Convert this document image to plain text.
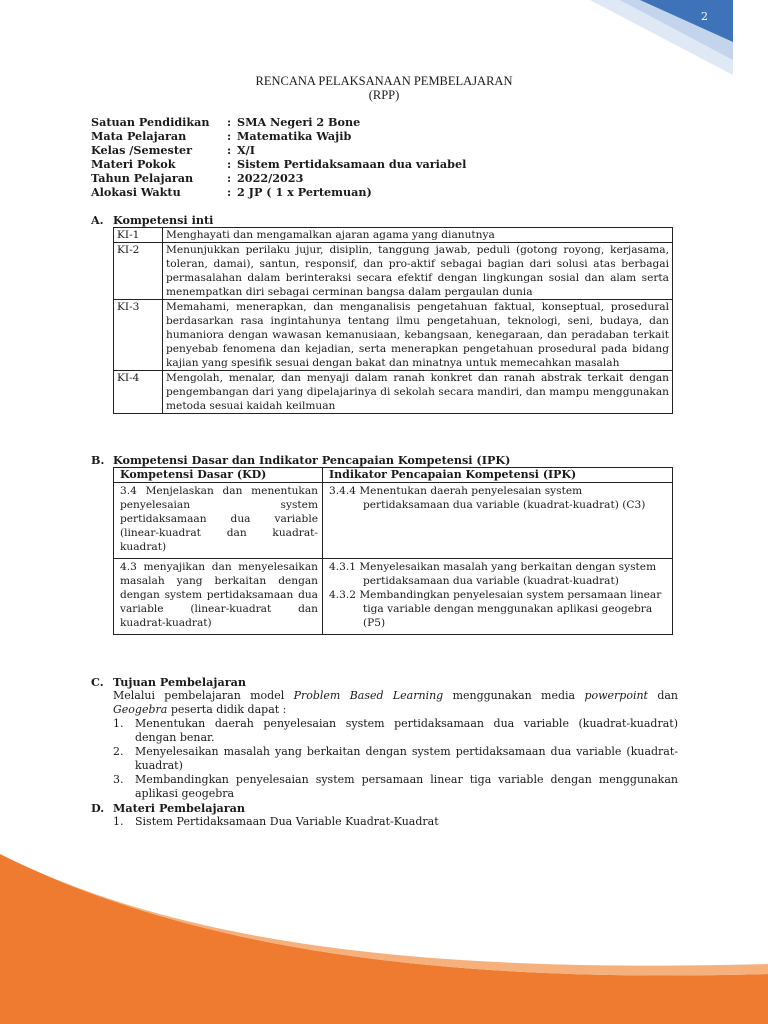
2
RENCANA PELAKSANAAN PEMBELAJARAN
(RPP)
Satuan Pendidikan	: SMA Negeri 2 Bone
Mata Pelajaran	: Matematika Wajib
Kelas /Semester	: X/I
Materi Pokok	: Sistem Pertidaksamaan dua variabel
Tahun Pelajaran	: 2022/2023
Alokasi Waktu	: 2 JP ( 1 x Pertemuan)
A. Kompetensi inti
KI-1	Menghayati dan mengamalkan ajaran agama yang dianutnya
KI-2	Menunjukkan perilaku jujur, disiplin, tanggung jawab, peduli (gotong royong, kerjasama, toleran, damai), santun, responsif, dan pro-aktif sebagai bagian dari solusi atas berbagai permasalahan dalam berinteraksi secara efektif dengan lingkungan sosial dan alam serta menempatkan diri sebagai cerminan bangsa dalam pergaulan dunia
KI-3	Memahami, menerapkan, dan menganalisis pengetahuan faktual, konseptual, prosedural berdasarkan rasa ingintahunya tentang ilmu pengetahuan, teknologi, seni, budaya, dan humaniora dengan wawasan kemanusiaan, kebangsaan, kenegaraan, dan peradaban terkait penyebab fenomena dan kejadian, serta menerapkan pengetahuan prosedural pada bidang kajian yang spesifik sesuai dengan bakat dan minatnya untuk memecahkan masalah
KI-4	Mengolah, menalar, dan menyaji dalam ranah konkret dan ranah abstrak terkait dengan pengembangan dari yang dipelajarinya di sekolah secara mandiri, dan mampu menggunakan metoda sesuai kaidah keilmuan
B. Kompetensi Dasar dan Indikator Pencapaian Kompetensi (IPK)
Kompetensi Dasar (KD)	Indikator Pencapaian Kompetensi (IPK)

3.4 Menjelaskan dan menentukan penyelesaian system pertidaksamaan dua variable (linear-kuadrat dan kuadrat-kuadrat)	3.4.4 Menentukan daerah penyelesaian system pertidaksamaan dua variable (kuadrat-kuadrat) (C3)

4.3 menyajikan dan menyelesaikan masalah yang berkaitan dengan dengan system pertidaksamaan dua variable (linear-kuadrat dan kuadrat-kuadrat)	4.3.1 Menyelesaikan masalah yang berkaitan dengan system pertidaksamaan dua variable (kuadrat-kuadrat)
4.3.2 Membandingkan penyelesaian system persamaan linear tiga variable dengan menggunakan aplikasi geogebra (P5)
C. Tujuan Pembelajaran
Melalui pembelajaran model Problem Based Learning menggunakan media powerpoint dan Geogebra peserta didik dapat :
1.	Menentukan daerah penyelesaian system pertidaksamaan dua variable (kuadrat-kuadrat) dengan benar.
2.	Menyelesaikan masalah yang berkaitan dengan system pertidaksamaan dua variable (kuadrat-kuadrat)
3.	Membandingkan penyelesaian system persamaan linear tiga variable dengan menggunakan aplikasi geogebra
D. Materi Pembelajaran
1.	Sistem Pertidaksamaan Dua Variable Kuadrat-Kuadrat
